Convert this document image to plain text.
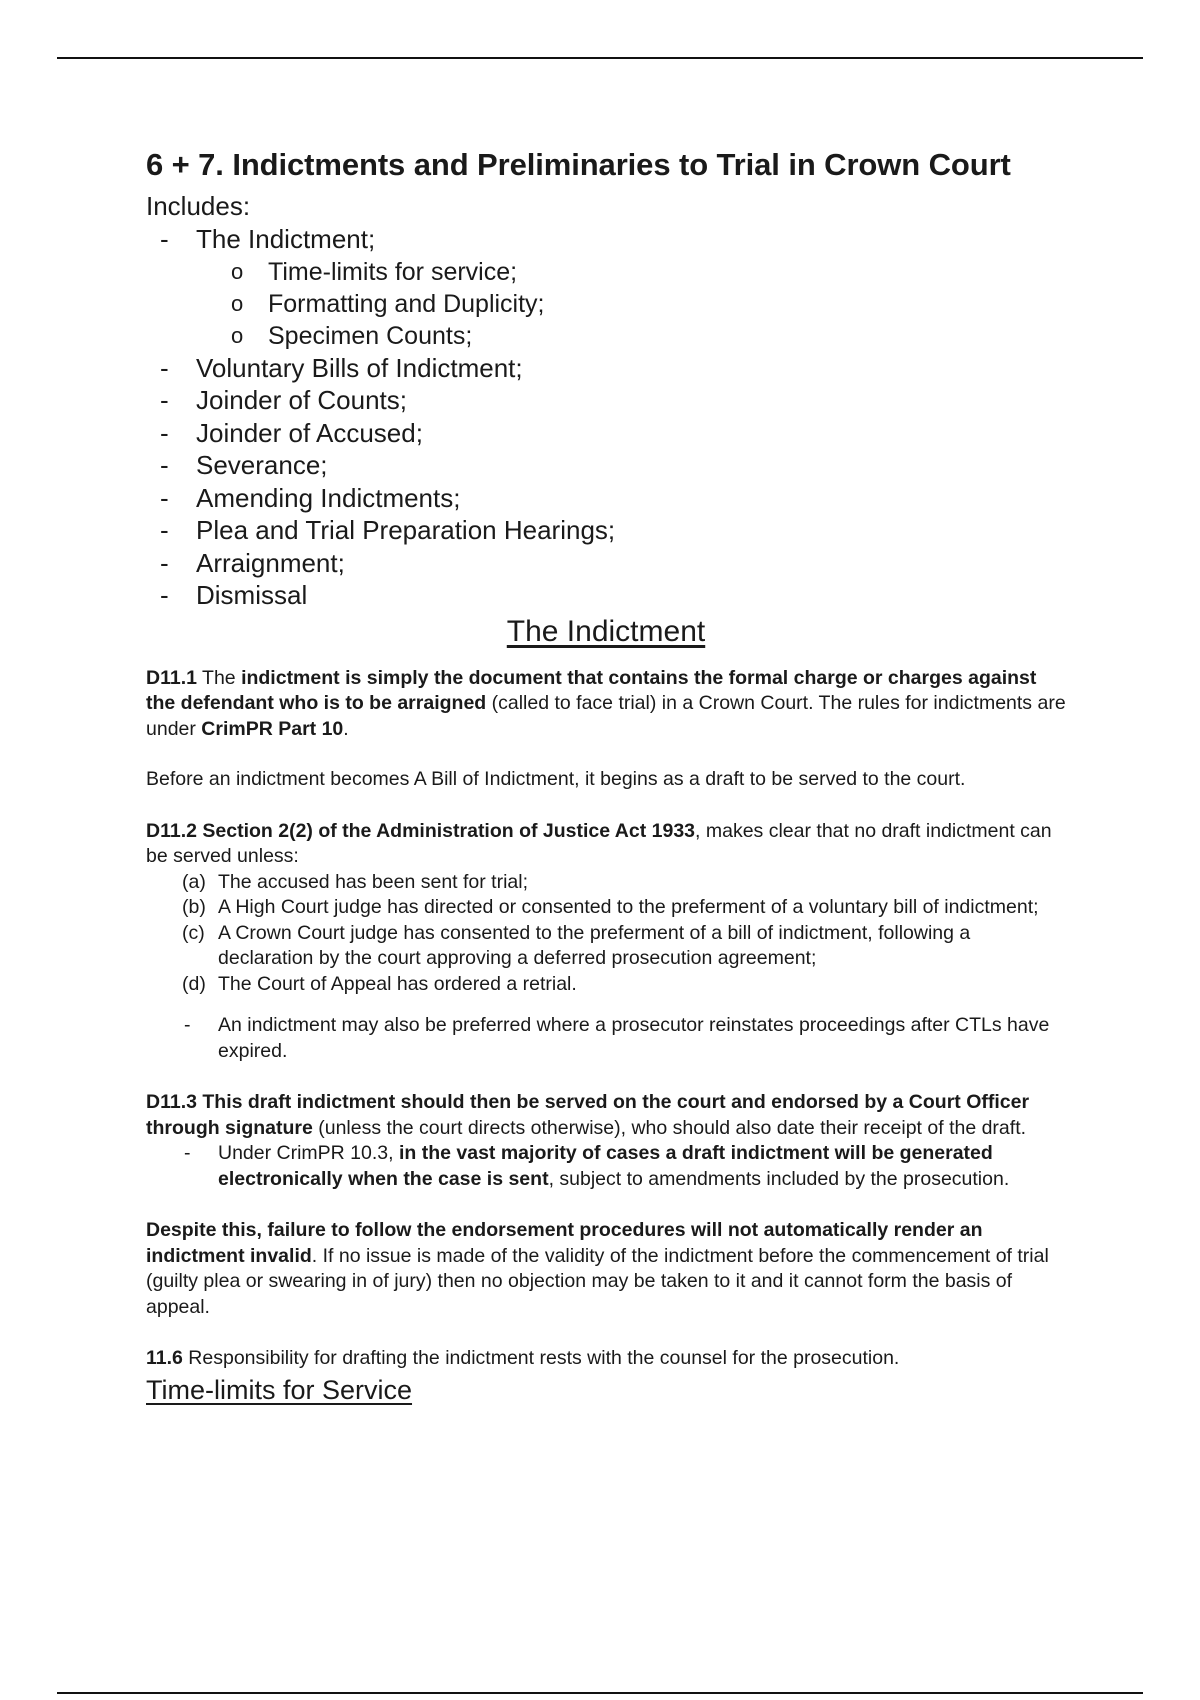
6 + 7. Indictments and Preliminaries to Trial in Crown Court
Includes:
- The Indictment;
o Time-limits for service;
o Formatting and Duplicity;
o Specimen Counts;
- Voluntary Bills of Indictment;
- Joinder of Counts;
- Joinder of Accused;
- Severance;
- Amending Indictments;
- Plea and Trial Preparation Hearings;
- Arraignment;
- Dismissal
The Indictment

D11.1 The indictment is simply the document that contains the formal charge or charges against the defendant who is to be arraigned (called to face trial) in a Crown Court. The rules for indictments are under CrimPR Part 10.

Before an indictment becomes A Bill of Indictment, it begins as a draft to be served to the court.

D11.2 Section 2(2) of the Administration of Justice Act 1933, makes clear that no draft indictment can be served unless:

(a) The accused has been sent for trial;
(b) A High Court judge has directed or consented to the preferment of a voluntary bill of indictment;
(c) A Crown Court judge has consented to the preferment of a bill of indictment, following a declaration by the court approving a deferred prosecution agreement;
(d) The Court of Appeal has ordered a retrial.
- An indictment may also be preferred where a prosecutor reinstates proceedings after CTLs have expired.

D11.3 This draft indictment should then be served on the court and endorsed by a Court Officer through signature (unless the court directs otherwise), who should also date their receipt of the draft.

- Under CrimPR 10.3, in the vast majority of cases a draft indictment will be generated electronically when the case is sent, subject to amendments included by the prosecution.

Despite this, failure to follow the endorsement procedures will not automatically render an indictment invalid. If no issue is made of the validity of the indictment before the commencement of trial (guilty plea or swearing in of jury) then no objection may be taken to it and it cannot form the basis of appeal.

11.6 Responsibility for drafting the indictment rests with the counsel for the prosecution.

Time-limits for Service
